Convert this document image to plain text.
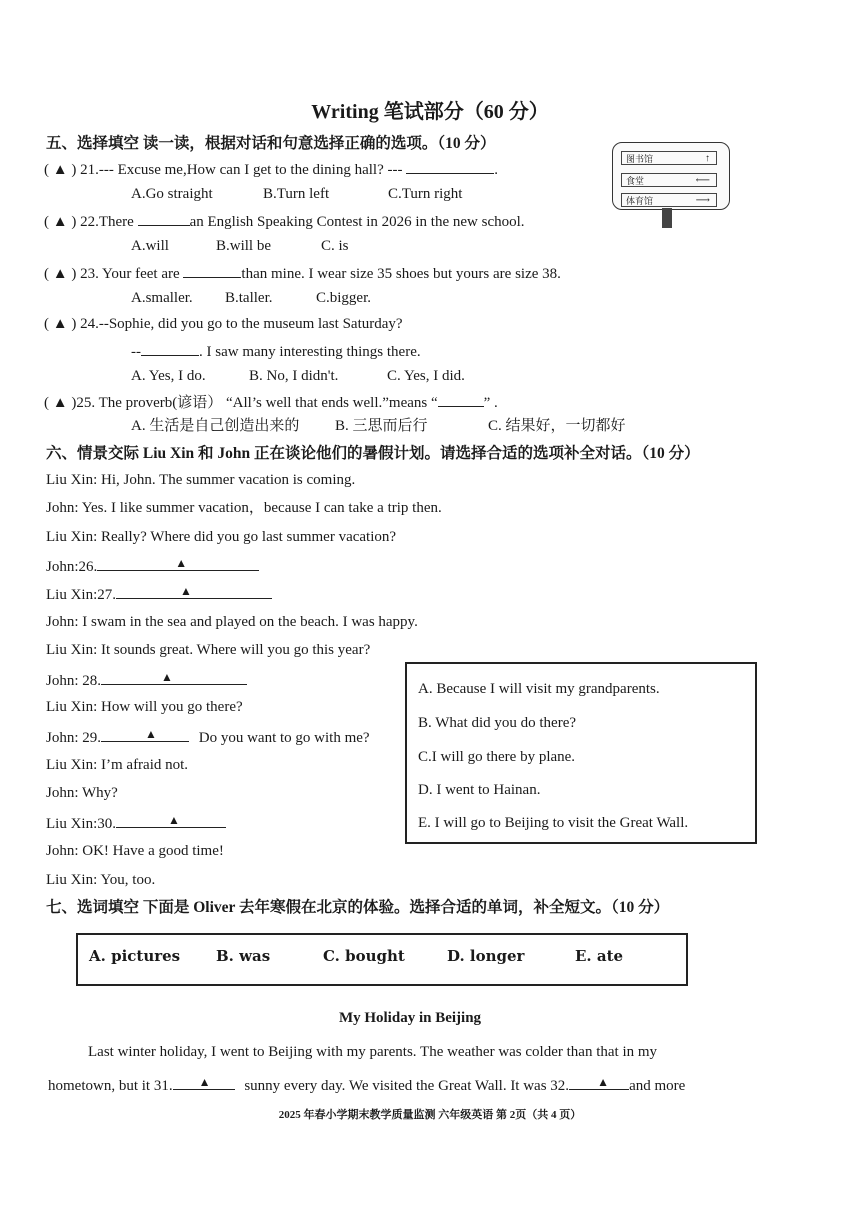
Writing 笔试部分（60 分）
五、选择填空 读一读，根据对话和句意选择正确的选项。（10 分）
图书馆	↑
食堂	⟵
体育馆	⟶
( ▲ ) 21.--- Excuse me,How can I get to the dining hall? ---	.
A.Go straight	B.Turn left	C.Turn right
( ▲ ) 22.There	an English Speaking Contest in 2026 in the new school.
A.will	B.will be	C. is
( ▲ ) 23. Your feet are	than mine. I wear size 35 shoes but yours are size 38.
A.smaller. B.taller.	C.bigger.
( ▲ ) 24.--Sophie, did you go to the museum last Saturday?
--	. I saw many interesting things there.
A. Yes, I do.	B. No, I didn't.	C. Yes, I did.
( ▲ )25. The proverb(谚语） “All’s well that ends well.”means “	” .
A. 生活是自己创造出来的 B. 三思而后行	C. 结果好，一切都好
六、情景交际 Liu Xin 和 John 正在谈论他们的暑假计划。请选择合适的选项补全对话。（10 分）
Liu Xin: Hi, John. The summer vacation is coming.
John: Yes. I like summer vacation，because I can take a trip then.
Liu Xin: Really? Where did you go last summer vacation?
John:26.	▲
Liu Xin:27.	▲
John: I swam in the sea and played on the beach. I was happy.
Liu Xin: It sounds great. Where will you go this year?
John: 28.	▲
Liu Xin: How will you go there?
John: 29.	▲	Do you want to go with me?
Liu Xin: I’m afraid not.
John: Why?
Liu Xin:30.	▲
John: OK! Have a good time!
Liu Xin: You, too.
A. Because I will visit my grandparents.
B. What did you do there?
C.I will go there by plane.
D. I went to Hainan.
E. I will go to Beijing to visit the Great Wall.
七、选词填空 下面是 Oliver 去年寒假在北京的体验。选择合适的单词，补全短文。（10 分）
A. pictures B. was	C. bought	D. longer	E. ate
My Holiday in Beijing
Last winter holiday, I went to Beijing with my parents. The weather was colder than that in my
hometown, but it 31. ▲ sunny every day. We visited the Great Wall. It was 32. ▲ and more
2025 年春小学期末教学质量监测 六年级英语 第 2页（共 4 页）
